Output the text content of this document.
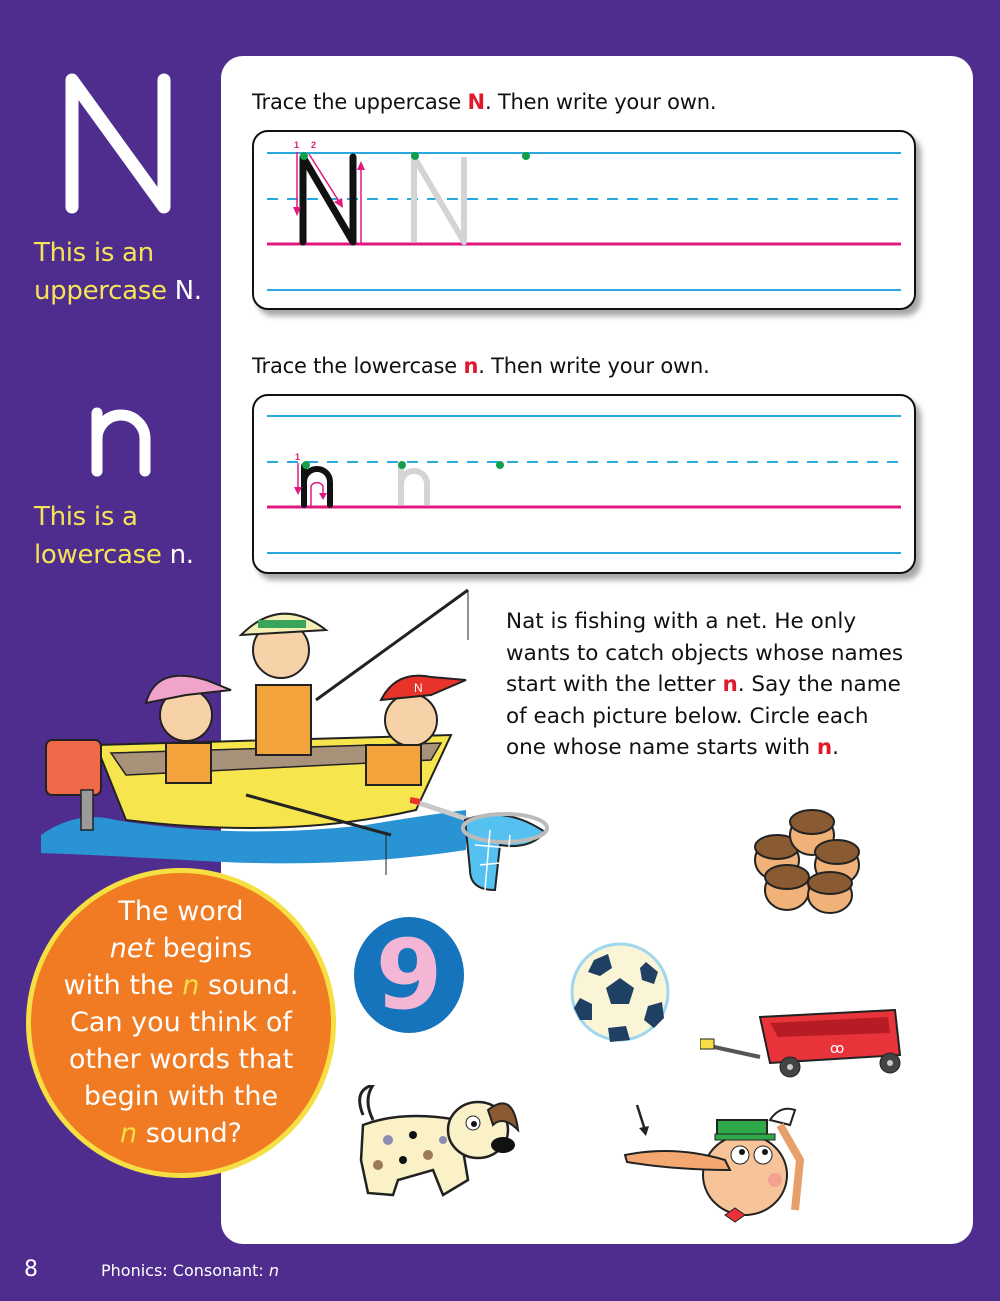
This is an
uppercase N.
This is a
lowercase n.
Trace the uppercase N. Then write your own.
1 2
Trace the lowercase n. Then write your own.
1
Nat is fishing with a net. He only
wants to catch objects whose names
start with the letter n. Say the name
of each picture below. Circle each
one whose name starts with n.
N
9
ꝏ
The word
net begins
with the n sound.
Can you think of
other words that
begin with the
n sound?
8	Phonics: Consonant: n
